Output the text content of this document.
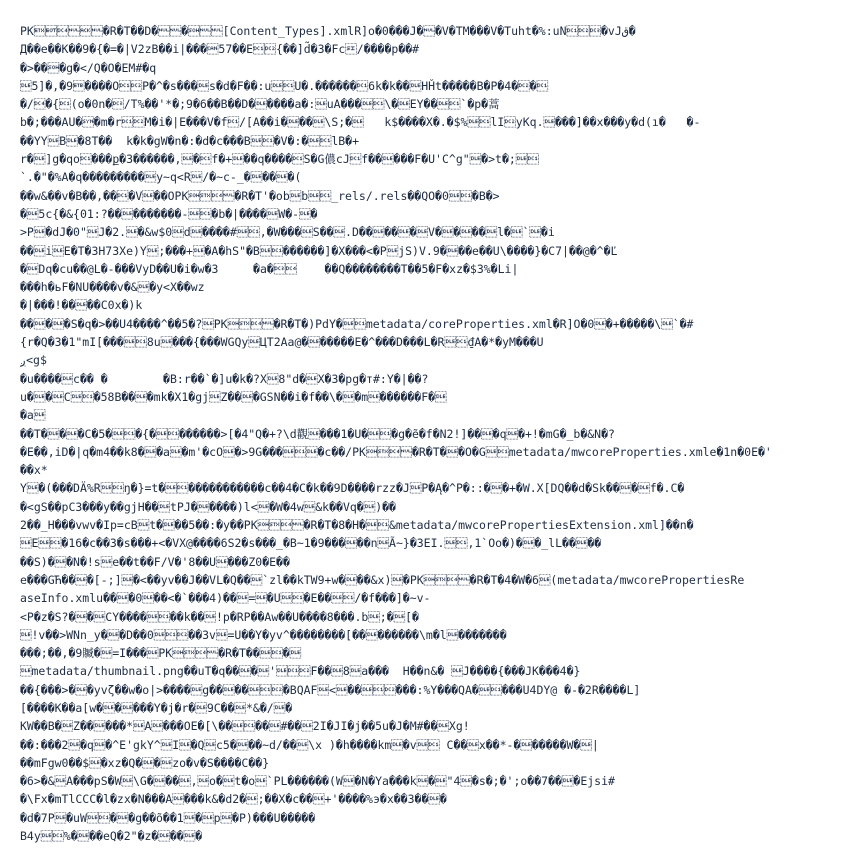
PK  �R�T��D�  �  [Content_Types].xmlR]o�0���J� �V�TM���V�Tuht�%:uN�vJق�
Д��e��K��9�{�=�|V2zB��i|���57��E{��]d̃�3�Fc/����p��#
�>���g�</Q�O�EM#�q
5]�,�9����OP�^�s���s�d�F��:uU�.������6k�k��HȞt�����B�P�4��
�/�{(o�0n�/T%��'*�;9�6��B��D�����a�:uA���\�EY��`�p�蒿
b�;���AU��m�rM�i�|E���V�f/[A��i���\S;�   k$����X�.�$%lIyKq.���]��x���y�d(ı�   �-
��YYB�8T��  k�k�gW�n�:�d�c���B�V�:�lB�+
r�]g�qo���ք�3������,�f�+��q����S�G儂cJf�����F�U'C^g"�>t�;
`.�"�%A�q���������y~q<R/�~c-_����(
��w&��v�B��,���V��OPK �R�T'�obb_rels/.rels��QO�0�B�>
�5c{�&{01:?���������-�b�|����W�-�
>P�dJ�0"J�2.�&w$0d����#,�W���S��.D�����V����l�`�i
��iE�T�3H73Xe)Y;���+�A�hS"�B������]�X���<�PjS)V.9���e��U\����}�C7|��@�^�Ľ
�Dq�cu��@L�-���VyD��U�i�w�3     �a�    ��Q��������T��5�F�xz�$3%�Li|
���h�ьF�NU����v�&�y<X��wz
�|���!����C0x�)k
����S�q�>��U4����^��5�?PK �R�T�)PdY�metadata/coreProperties.xml�R]O�0�+�����\`�#
{r�Q�3�1"mI[���8u���{���WGQyЦT2Aa@������E�^���D���L�R₫A�*�yM���U
ږ<g$
�u����c�� �        �B:r��`�]u�k�?X8"d�X�3�pg�т#:Y�|��?
u��C�58B���mk�X1�gjZ���GSN��i�f��\��m������F�
�a
��T���C�5��{�������>[�4"Q�+?\d觀���1�U��g�ẽ�f�N2!]���q�+!�mG�_b�&N�?
�E��,iD�|q�m4��k8��a�m'�cO�>9G����c��/PK �R�T��O�Gmetadata/mwcoreProperties.xmle�1n�0E�'
��x*
Y�(���DÄ%Rŋ�}=t������������c��4�C�k��9D����rzz�JP�Ą�^P�::��+�W.X[DQ��d�Sk���f�.C�
�<gS��pC3���y��gjH��tPJ�����)l<�W�4w&k��Vq�)��
2��_H���vwv�Ip=cBt���5��:�y��PK �R�T�8�H�&metadata/mwcorePropertiesExtension.xml]��n�
E�16�c��3�s���+<�VX@����6S2�s���_�B~1�9�����nÃ~}�3EI.,1`Oo�)��_lL����
��S)��N�!se��t��F/V�'8��U���Z0�E��
e���GЋ���[-;]�<��yv��J��VL�Q��`zl��kTW9+w���&x)�PK �R�T�4�W�6(metadata/mwcorePropertiesRe
aseInfo.xmlu���0��<�`���4)��=�U�E��/�f���]�~v-
<P�z�S?��CY������k��!p�RP��Aw��U����8���.b;�[�
!v��>WNn_y��D��0��3v=U��Y�yv^��������[��������\m�l�������
���;��,�9贓�=I���PK �R�T���
metadata/thumbnail.png��uT�q���'F��8a���  H��n&� J����{���JK���4�}
��{���>��yvζ��w�o|>����g�����BQAF<�����:%Y���QA����U4DY@ �-�2R����L]
[����K��a[w�����Y�j�r�9C��*&�/�
KW��B�Z�����*A���OE�[\����#��2I�JI�j��5u�J�M#��Xg!
��:���2�q�^E'gkY^I�Qc5���~d/��\x )�h����km�v C��x��*-������W�|
��mFgw0��$�xz�Q��zo�v�S����C��}
�6>�&A���pS�W\G���,o�t�o`PL������(W�N�Ya���k�"4�s�;�';o��7���Ejsi#
�\Fx�mTlCCC�l�zx�N���A���k&�d2�;��X�c��+'����%э�x��3���
�d�7P�uW��g��õ��1�p�P)���U�����
B4y%���eQ�2"�z����
